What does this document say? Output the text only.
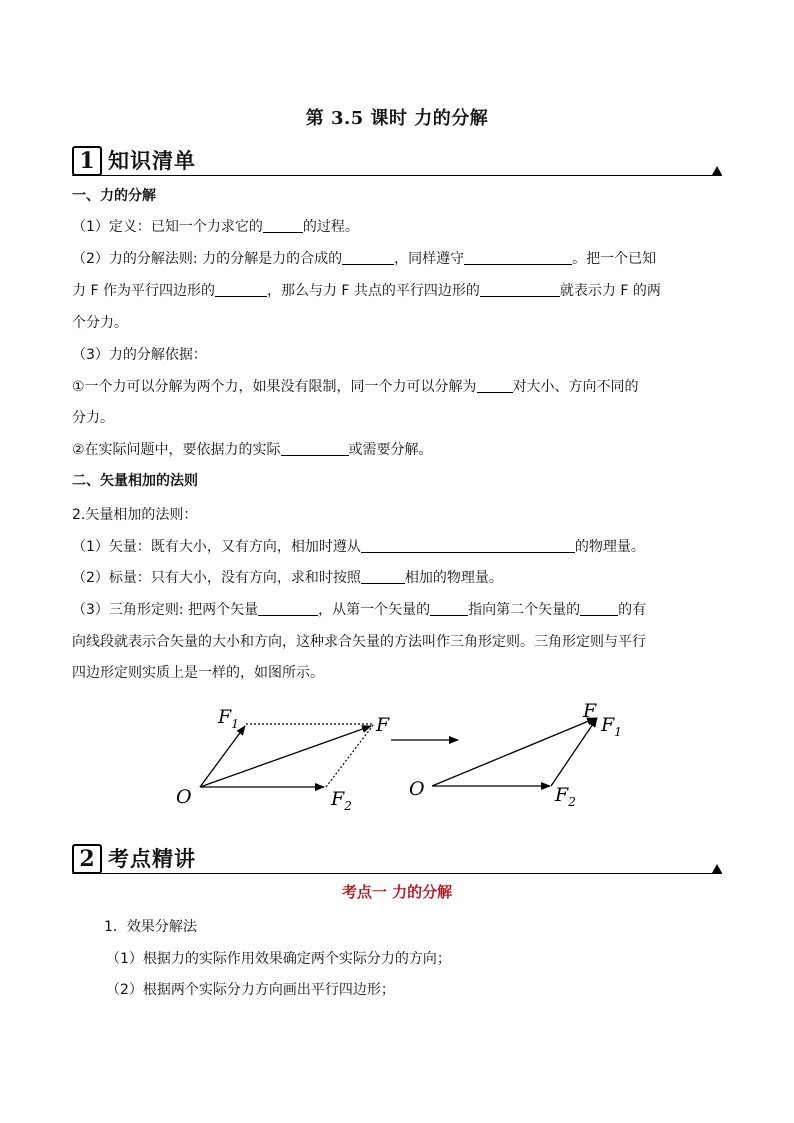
第 3.5 课时 力的分解
1 知识清单
一、力的分解
（1）定义：已知一个力求它的	的过程。
（2）力的分解法则: 力的分解是力的合成的	，同样遵守	。把一个已知
力 F 作为平行四边形的	，那么与力 F 共点的平行四边形的	就表示力 F 的两
个分力。
（3）力的分解依据：
①一个力可以分解为两个力，如果没有限制，同一个力可以分解为	对大小、方向不同的
分力。
②在实际问题中，要依据力的实际	或需要分解。
二、矢量相加的法则
2.矢量相加的法则：
（1）矢量：既有大小，又有方向，相加时遵从	的物理量。
（2）标量：只有大小，没有方向，求和时按照	相加的物理量。
（3）三角形定则: 把两个矢量	，从第一个矢量的	指向第二个矢量的	的有
向线段就表示合矢量的大小和方向，这种求合矢量的方法叫作三角形定则。三角形定则与平行
四边形定则实质上是一样的，如图所示。
O
$F_1$	F
$F_2$
O
F
$F_1$
$F_2$
2 考点精讲
考点一 力的分解
1．效果分解法
（1）根据力的实际作用效果确定两个实际分力的方向；
（2）根据两个实际分力方向画出平行四边形；
